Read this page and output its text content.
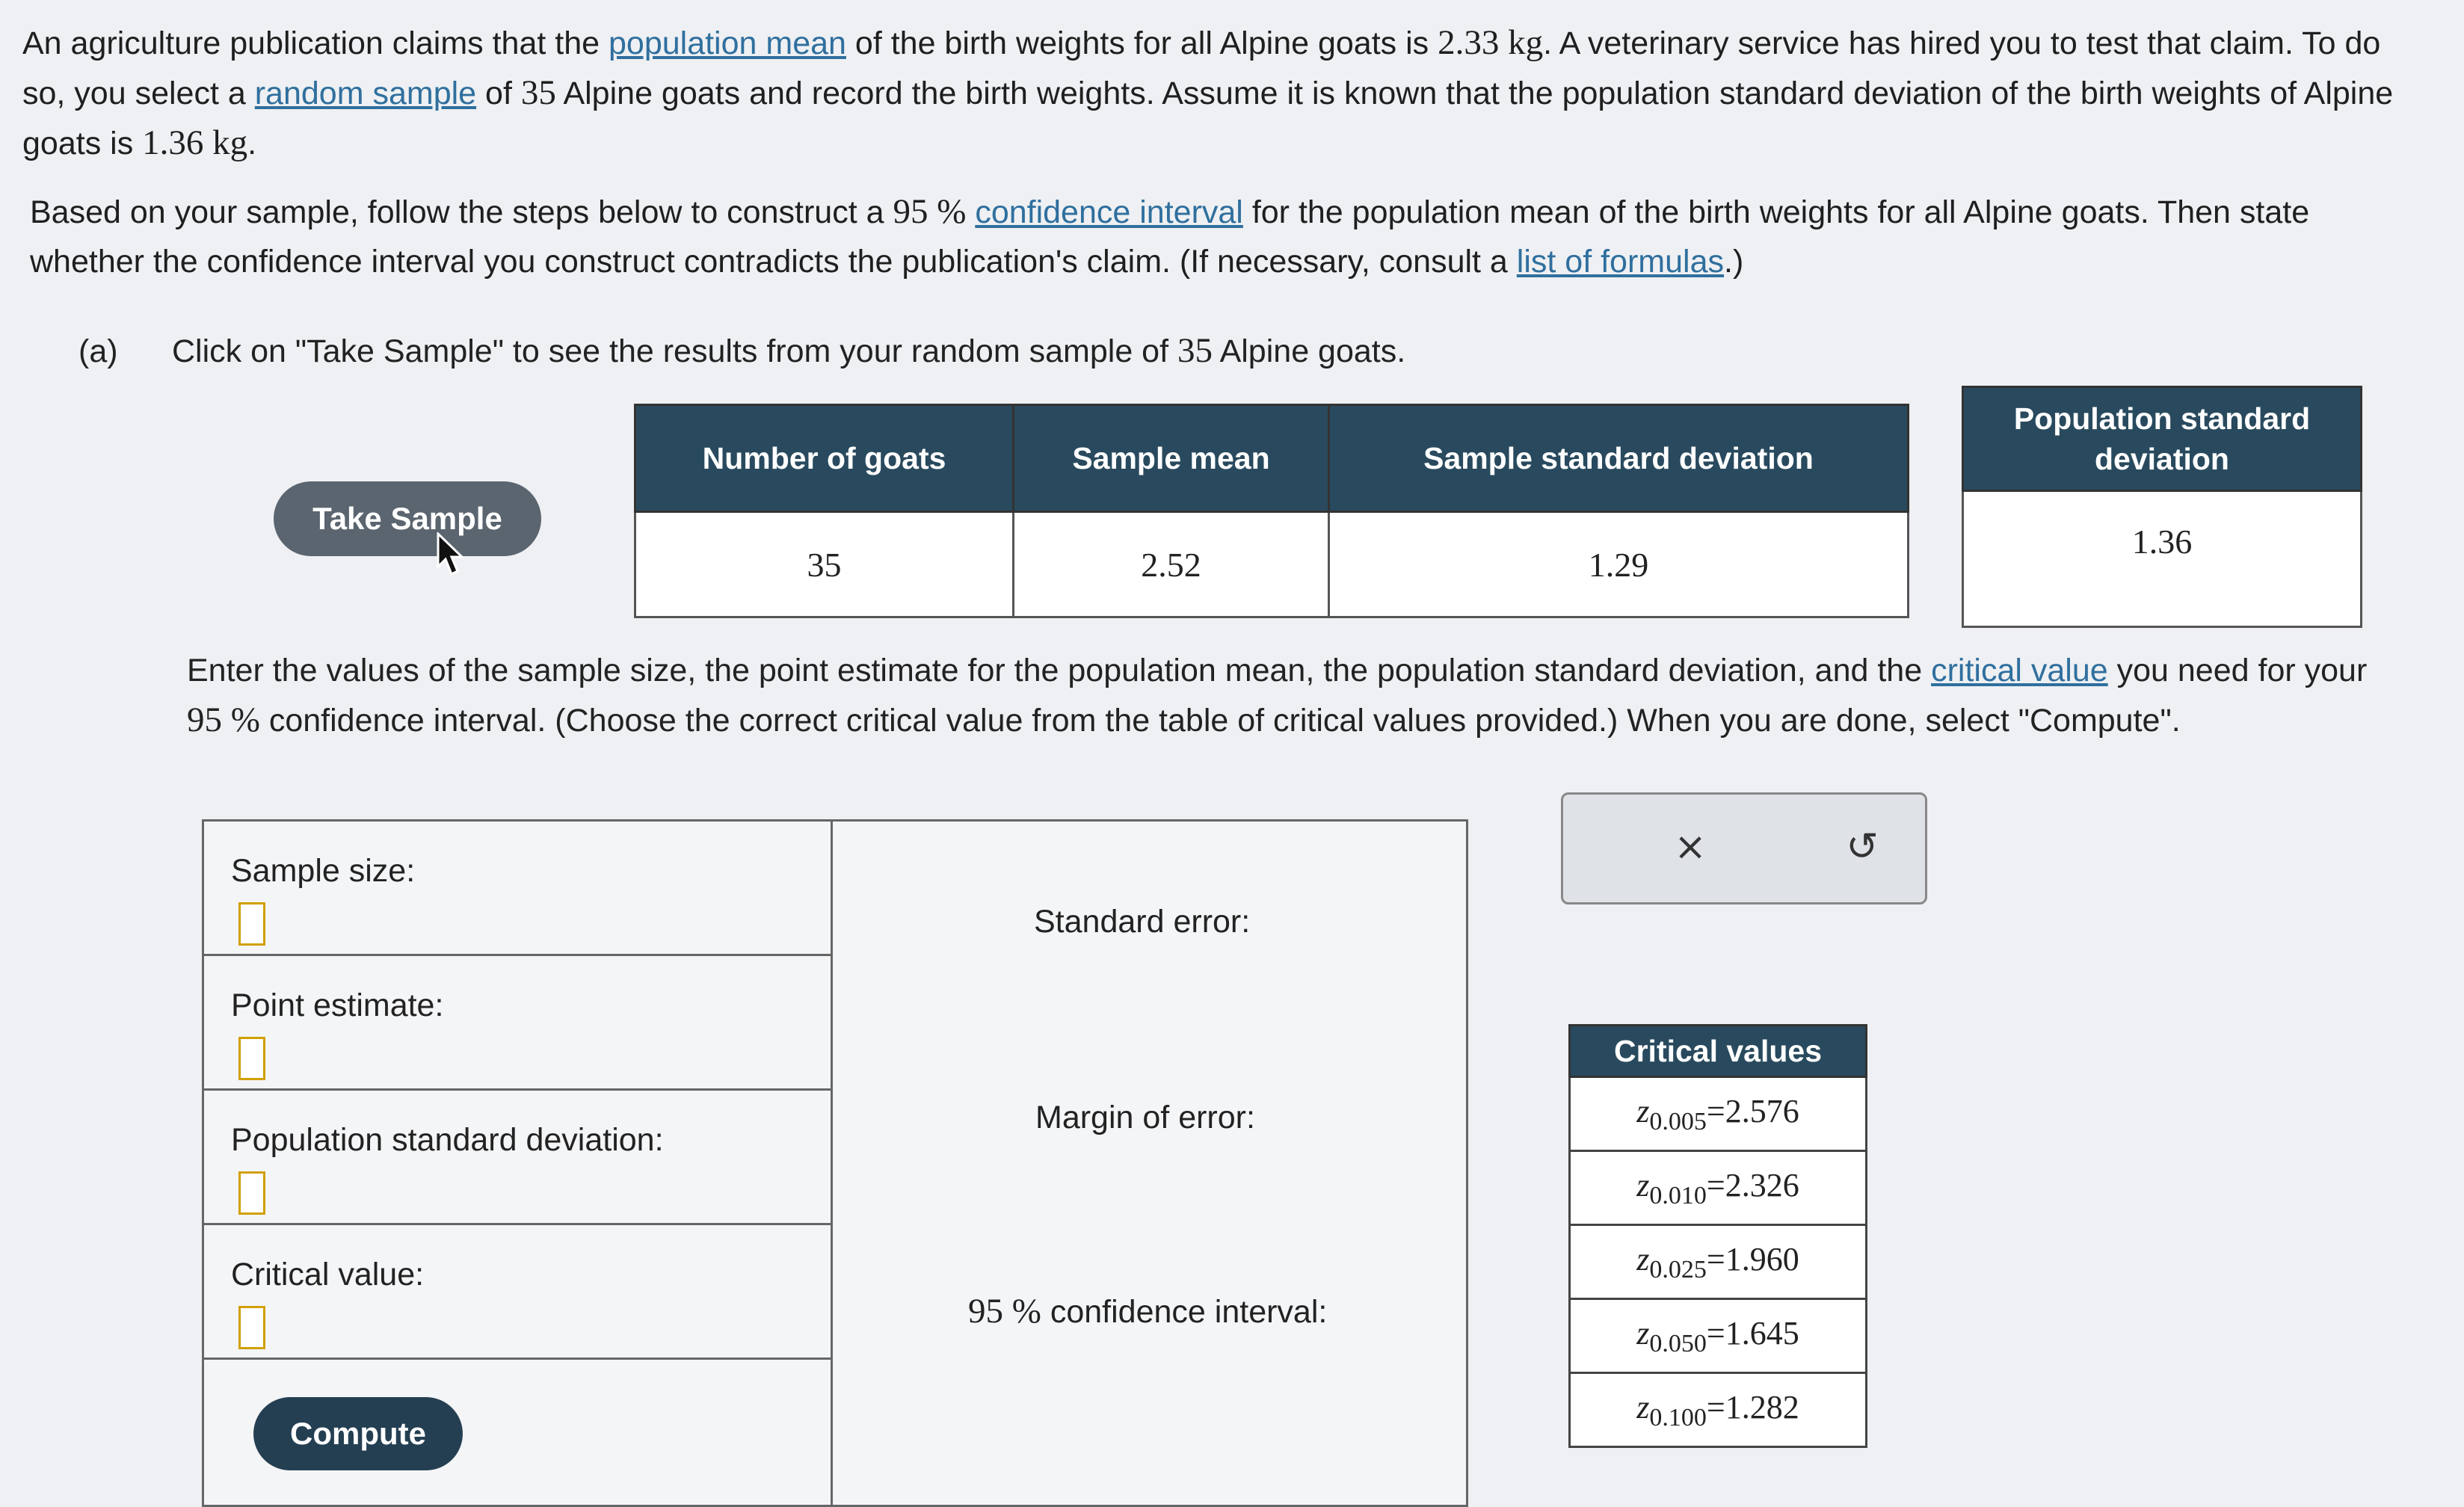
An agriculture publication claims that the population mean of the birth weights for all Alpine goats is 2.33 kg. A veterinary service has hired you to test that claim. To do so, you select a random sample of 35 Alpine goats and record the birth weights. Assume it is known that the population standard deviation of the birth weights of Alpine goats is 1.36 kg.
Based on your sample, follow the steps below to construct a 95 % confidence interval for the population mean of the birth weights for all Alpine goats. Then state whether the confidence interval you construct contradicts the publication's claim. (If necessary, consult a list of formulas.)
(a) Click on "Take Sample" to see the results from your random sample of 35 Alpine goats.
Take Sample
Number of goats	Sample mean	Sample standard deviation
35	2.52	1.29
Population standard deviation
1.36
Enter the values of the sample size, the point estimate for the population mean, the population standard deviation, and the critical value you need for your 95 % confidence interval. (Choose the correct critical value from the table of critical values provided.) When you are done, select "Compute".
Sample size:
Point estimate:
Population standard deviation:
Critical value:
Compute
Standard error:
Margin of error:
95 % confidence interval:
×	↺
Critical values
$z_{0.005}=2.576$
$z_{0.010}=2.326$
$z_{0.025}=1.960$
$z_{0.050}=1.645$
$z_{0.100}=1.282$
